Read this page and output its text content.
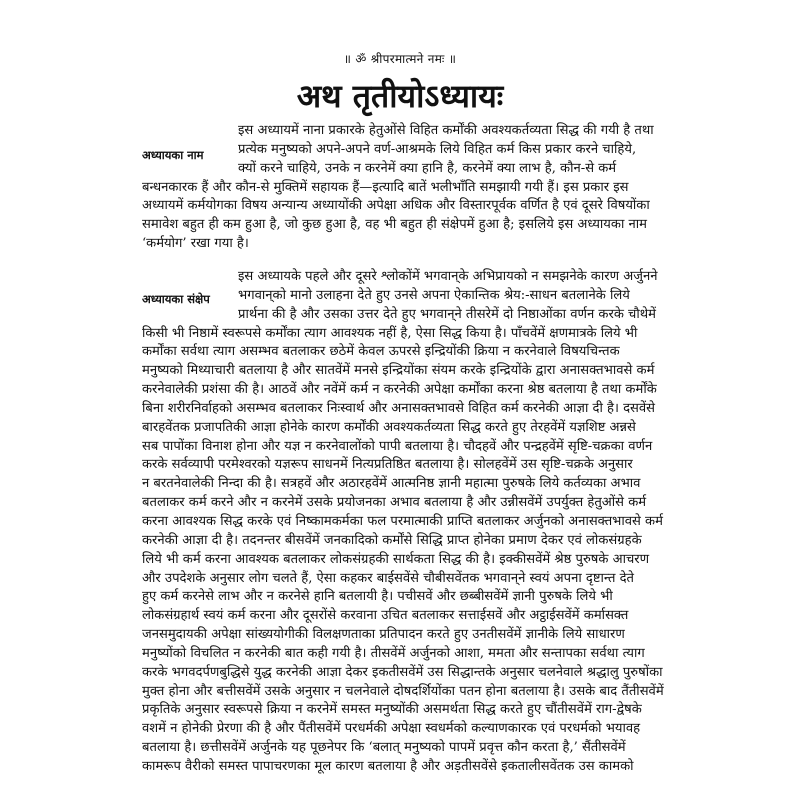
॥ ॐ श्रीपरमात्मने नमः ॥
अथ तृतीयोऽध्यायः
अध्यायका नाम
इस अध्यायमें नाना प्रकारके हेतुओंसे विहित कर्मोंकी अवश्यकर्तव्यता सिद्ध की गयी है तथा
प्रत्येक मनुष्यको अपने-अपने वर्ण-आश्रमके लिये विहित कर्म किस प्रकार करने चाहिये,
क्यों करने चाहिये, उनके न करनेमें क्या हानि है, करनेमें क्या लाभ है, कौन-से कर्म
बन्धनकारक हैं और कौन-से मुक्तिमें सहायक हैं—इत्यादि बातें भलीभाँति समझायी गयी हैं। इस प्रकार इस
अध्यायमें कर्मयोगका विषय अन्यान्य अध्यायोंकी अपेक्षा अधिक और विस्तारपूर्वक वर्णित है एवं दूसरे विषयोंका
समावेश बहुत ही कम हुआ है, जो कुछ हुआ है, वह भी बहुत ही संक्षेपमें हुआ है; इसलिये इस अध्यायका नाम
‘कर्मयोग’ रखा गया है।
अध्यायका संक्षेप
इस अध्यायके पहले और दूसरे श्लोकोंमें भगवान्‌के अभिप्रायको न समझनेके कारण अर्जुनने
भगवान्‌को मानो उलाहना देते हुए उनसे अपना ऐकान्तिक श्रेय:-साधन बतलानेके लिये
प्रार्थना की है और उसका उत्तर देते हुए भगवान्‌ने तीसरेमें दो निष्ठाओंका वर्णन करके चौथेमें
किसी भी निष्ठामें स्वरूपसे कर्मोंका त्याग आवश्यक नहीं है, ऐसा सिद्ध किया है। पाँचवेंमें क्षणमात्रके लिये भी
कर्मोंका सर्वथा त्याग असम्भव बतलाकर छठेमें केवल ऊपरसे इन्द्रियोंकी क्रिया न करनेवाले विषयचिन्तक
मनुष्यको मिथ्याचारी बतलाया है और सातवेंमें मनसे इन्द्रियोंका संयम करके इन्द्रियोंके द्वारा अनासक्तभावसे कर्म
करनेवालेकी प्रशंसा की है। आठवें और नवेंमें कर्म न करनेकी अपेक्षा कर्मोंका करना श्रेष्ठ बतलाया है तथा कर्मोंके
बिना शरीरनिर्वाहको असम्भव बतलाकर निःस्वार्थ और अनासक्तभावसे विहित कर्म करनेकी आज्ञा दी है। दसवेंसे
बारहवेंतक प्रजापतिकी आज्ञा होनेके कारण कर्मोंकी अवश्यकर्तव्यता सिद्ध करते हुए तेरहवेंमें यज्ञशिष्ट अन्नसे
सब पापोंका विनाश होना और यज्ञ न करनेवालोंको पापी बतलाया है। चौदहवें और पन्द्रहवेंमें सृष्टि-चक्रका वर्णन
करके सर्वव्यापी परमेश्वरको यज्ञरूप साधनमें नित्यप्रतिष्ठित बतलाया है। सोलहवेंमें उस सृष्टि-चक्रके अनुसार
न बरतनेवालेकी निन्दा की है। सत्रहवें और अठारहवेंमें आत्मनिष्ठ ज्ञानी महात्मा पुरुषके लिये कर्तव्यका अभाव
बतलाकर कर्म करने और न करनेमें उसके प्रयोजनका अभाव बतलाया है और उन्नीसवेंमें उपर्युक्त हेतुओंसे कर्म
करना आवश्यक सिद्ध करके एवं निष्कामकर्मका फल परमात्माकी प्राप्ति बतलाकर अर्जुनको अनासक्तभावसे कर्म
करनेकी आज्ञा दी है। तदनन्तर बीसवेंमें जनकादिको कर्मोंसे सिद्धि प्राप्त होनेका प्रमाण देकर एवं लोकसंग्रहके
लिये भी कर्म करना आवश्यक बतलाकर लोकसंग्रहकी सार्थकता सिद्ध की है। इक्कीसवेंमें श्रेष्ठ पुरुषके आचरण
और उपदेशके अनुसार लोग चलते हैं, ऐसा कहकर बाईसवेंसे चौबीसवेंतक भगवान्‌ने स्वयं अपना दृष्टान्त देते
हुए कर्म करनेसे लाभ और न करनेसे हानि बतलायी है। पचीसवें और छब्बीसवेंमें ज्ञानी पुरुषके लिये भी
लोकसंग्रहार्थ स्वयं कर्म करना और दूसरोंसे करवाना उचित बतलाकर सत्ताईसवें और अट्ठाईसवेंमें कर्मासक्त
जनसमुदायकी अपेक्षा सांख्ययोगीकी विलक्षणताका प्रतिपादन करते हुए उनतीसवेंमें ज्ञानीके लिये साधारण
मनुष्योंको विचलित न करनेकी बात कही गयी है। तीसवेंमें अर्जुनको आशा, ममता और सन्तापका सर्वथा त्याग
करके भगवदर्पणबुद्धिसे युद्ध करनेकी आज्ञा देकर इकतीसवेंमें उस सिद्धान्तके अनुसार चलनेवाले श्रद्धालु पुरुषोंका
मुक्त होना और बत्तीसवेंमें उसके अनुसार न चलनेवाले दोषदर्शियोंका पतन होना बतलाया है। उसके बाद तैंतीसवेंमें
प्रकृतिके अनुसार स्वरूपसे क्रिया न करनेमें समस्त मनुष्योंकी असमर्थता सिद्ध करते हुए चौंतीसवेंमें राग-द्वेषके
वशमें न होनेकी प्रेरणा की है और पैंतीसवेंमें परधर्मकी अपेक्षा स्वधर्मको कल्याणकारक एवं परधर्मको भयावह
बतलाया है। छत्तीसवेंमें अर्जुनके यह पूछनेपर कि ‘बलात् मनुष्यको पापमें प्रवृत्त कौन करता है,’ सैंतीसवेंमें
कामरूप वैरीको समस्त पापाचरणका मूल कारण बतलाया है और अड़तीसवेंसे इकतालीसवेंतक उस कामको
